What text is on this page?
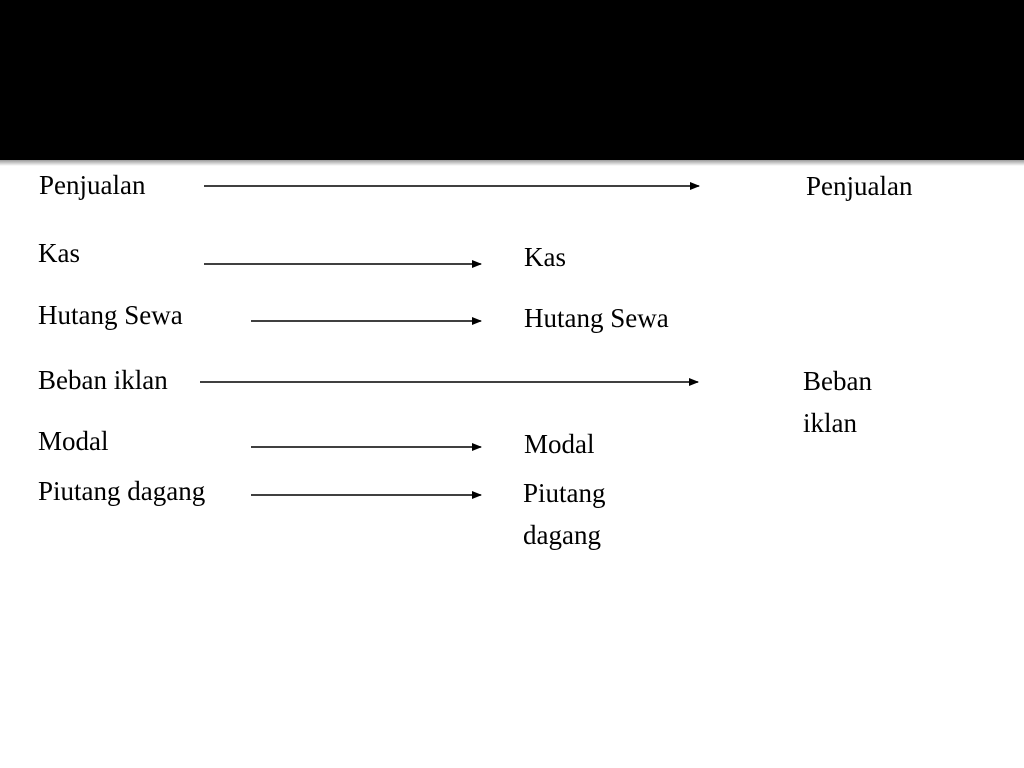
Penjualan
Kas
Hutang Sewa
Beban iklan
Modal
Piutang dagang
Kas
Hutang Sewa
Modal
Piutang dagang
Penjualan
Beban iklan
